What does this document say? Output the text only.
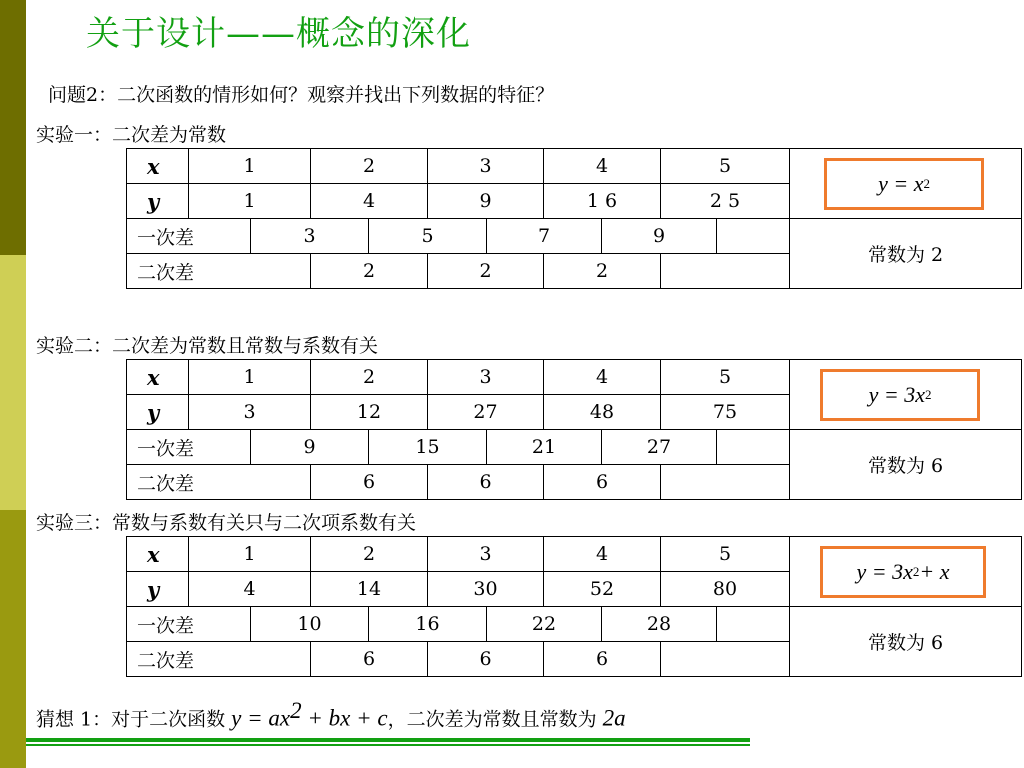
关于设计——概念的深化
问题2：二次函数的情形如何？观察并找出下列数据的特征？
实验一：二次差为常数
x	1		2		3		4		5		y = x 2

y	1		4		9		1 6		2 5		
一次差		3		5		7		9			常数为 2
二次差			2		2		2				
实验二：二次差为常数且常数与系数有关
x	1		2		3		4		5		y = 3x 2

y	3		12		27		48		75		
一次差		9		15		21		27			常数为 6
二次差			6		6		6				
实验三：常数与系数有关只与二次项系数有关
x	1		2		3		4		5		y = 3x 2 + x

y	4		14		30		52		80		
一次差		10		16		22		28			常数为 6
二次差			6		6		6				
猜想 1：对于二次函数 $y = ax^2$ + bx + c，二次差为常数且常数为 2a
